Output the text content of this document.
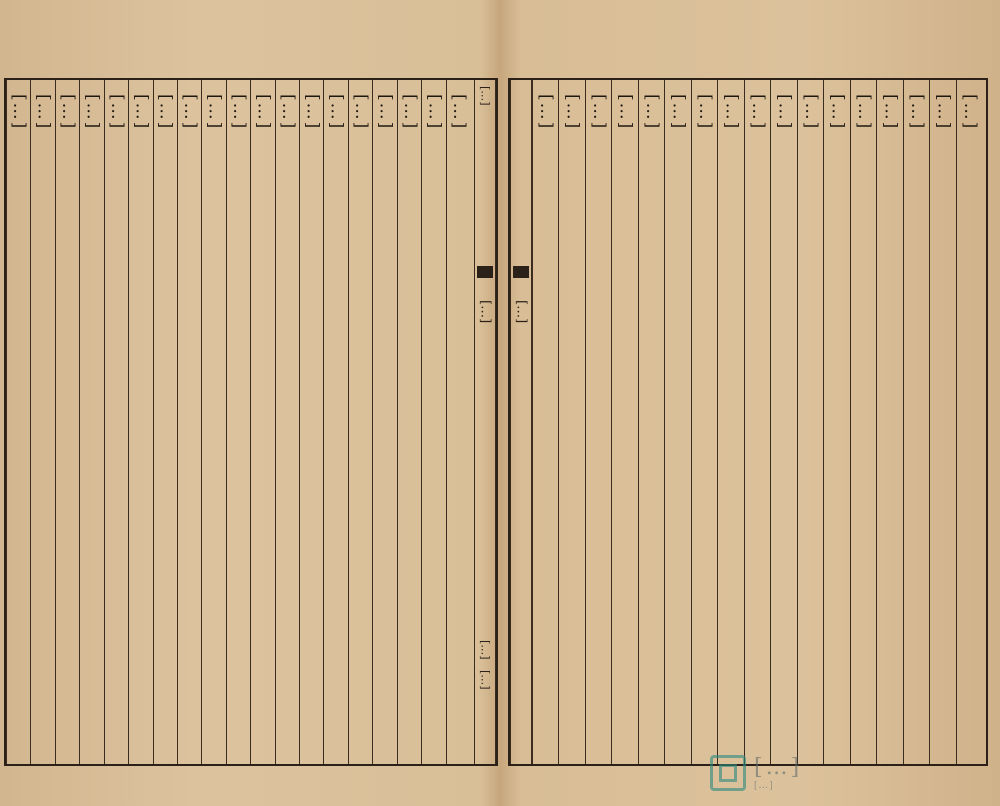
[…]
[…]
[…]
[…]
[…] […] […] […] […] […] […] […] […] […] […] […] […] […] […] […] […] […] […]
[…]
[…] […] […] […] […] […] […] […] […] […] […] […] […] […] […] […] […]
[…]
[…]
